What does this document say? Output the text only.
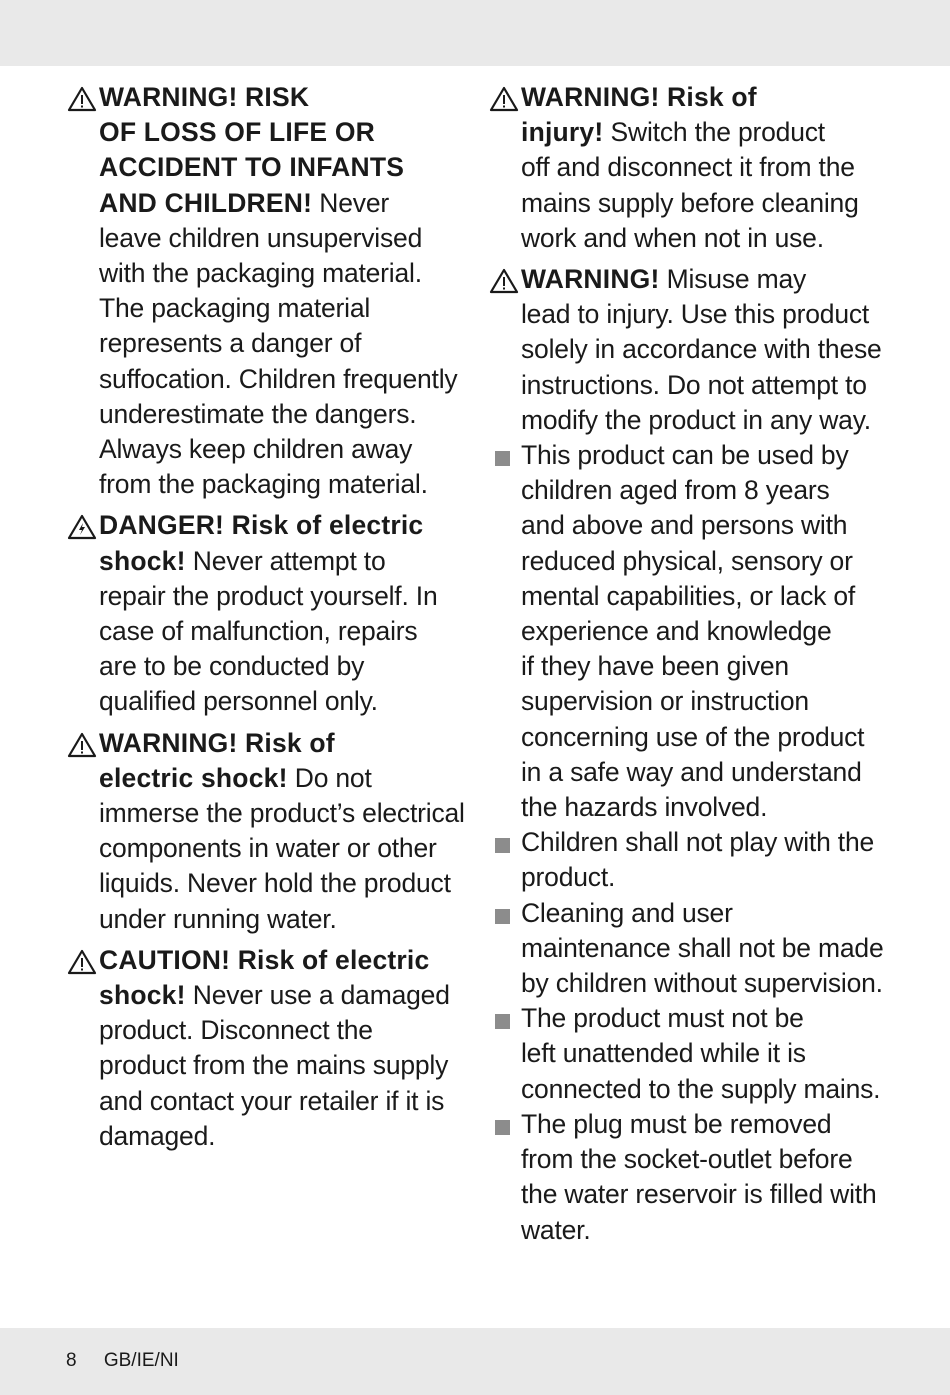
WARNING! RISK
OF LOSS OF LIFE OR
ACCIDENT TO INFANTS
AND CHILDREN! Never
leave children unsupervised
with the packaging material.
The packaging material
represents a danger of
suffocation. Children frequently
underestimate the dangers.
Always keep children away
from the packaging material.
DANGER! Risk of electric
shock! Never attempt to
repair the product yourself. In
case of malfunction, repairs
are to be conducted by
qualified personnel only.
WARNING! Risk of
electric shock! Do not
immerse the product’s electrical
components in water or other
liquids. Never hold the product
under running water.
CAUTION! Risk of electric
shock! Never use a damaged
product. Disconnect the
product from the mains supply
and contact your retailer if it is
damaged.
WARNING! Risk of
injury! Switch the product
off and disconnect it from the
mains supply before cleaning
work and when not in use.
WARNING! Misuse may
lead to injury. Use this product
solely in accordance with these
instructions. Do not attempt to
modify the product in any way.
This product can be used by
children aged from 8 years
and above and persons with
reduced physical, sensory or
mental capabilities, or lack of
experience and knowledge
if they have been given
supervision or instruction
concerning use of the product
in a safe way and understand
the hazards involved.
Children shall not play with the
product.
Cleaning and user
maintenance shall not be made
by children without supervision.
The product must not be
left unattended while it is
connected to the supply mains.
The plug must be removed
from the socket-outlet before
the water reservoir is filled with
water.
8 GB/IE/NI
